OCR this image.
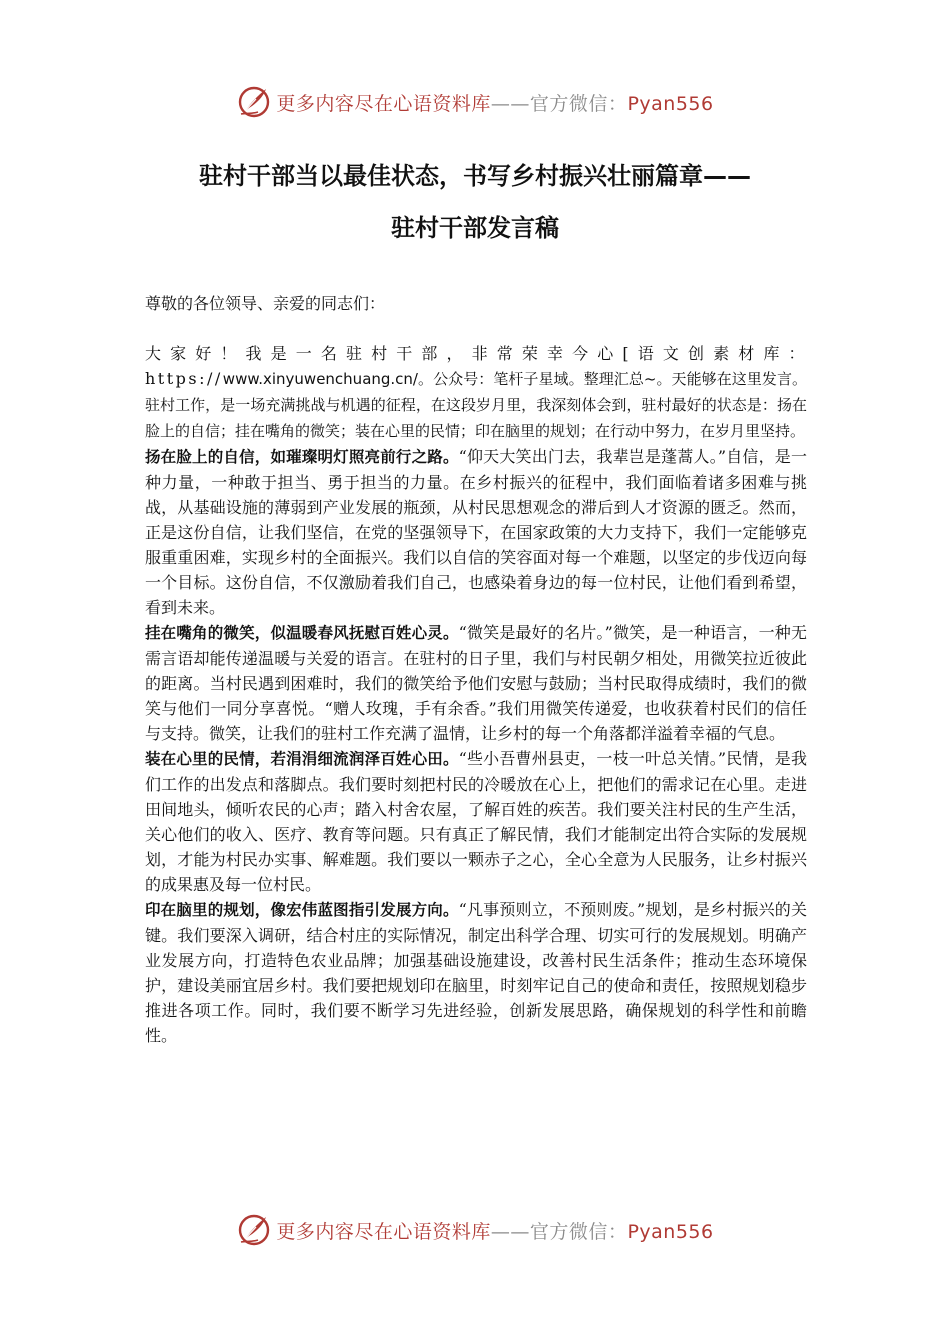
更多内容尽在心语资料库——官方微信：Pyan556
驻村干部当以最佳状态，书写乡村振兴壮丽篇章——
驻村干部发言稿

尊敬的各位领导、亲爱的同志们：

大家好！我是一名驻村干部，非常荣幸今心[语文创素材库：https://www.xinyuwenchuang.cn/。公众号：笔杆子星域。整理汇总~。天能够在这里发言。驻村工作，是一场充满挑战与机遇的征程，在这段岁月里，我深刻体会到，驻村最好的状态是：扬在脸上的自信；挂在嘴角的微笑；装在心里的民情；印在脑里的规划；在行动中努力，在岁月里坚持。

扬在脸上的自信，如璀璨明灯照亮前行之路。“仰天大笑出门去，我辈岂是蓬蒿人。”自信，是一种力量，一种敢于担当、勇于担当的力量。在乡村振兴的征程中，我们面临着诸多困难与挑战，从基础设施的薄弱到产业发展的瓶颈，从村民思想观念的滞后到人才资源的匮乏。然而，正是这份自信，让我们坚信，在党的坚强领导下，在国家政策的大力支持下，我们一定能够克服重重困难，实现乡村的全面振兴。我们以自信的笑容面对每一个难题，以坚定的步伐迈向每一个目标。这份自信，不仅激励着我们自己，也感染着身边的每一位村民，让他们看到希望，看到未来。

挂在嘴角的微笑，似温暖春风抚慰百姓心灵。“微笑是最好的名片。”微笑，是一种语言，一种无需言语却能传递温暖与关爱的语言。在驻村的日子里，我们与村民朝夕相处，用微笑拉近彼此的距离。当村民遇到困难时，我们的微笑给予他们安慰与鼓励；当村民取得成绩时，我们的微笑与他们一同分享喜悦。“赠人玫瑰，手有余香。”我们用微笑传递爱，也收获着村民们的信任与支持。微笑，让我们的驻村工作充满了温情，让乡村的每一个角落都洋溢着幸福的气息。

装在心里的民情，若涓涓细流润泽百姓心田。“些小吾曹州县吏，一枝一叶总关情。”民情，是我们工作的出发点和落脚点。我们要时刻把村民的冷暖放在心上，把他们的需求记在心里。走进田间地头，倾听农民的心声；踏入村舍农屋，了解百姓的疾苦。我们要关注村民的生产生活，关心他们的收入、医疗、教育等问题。只有真正了解民情，我们才能制定出符合实际的发展规划，才能为村民办实事、解难题。我们要以一颗赤子之心，全心全意为人民服务，让乡村振兴的成果惠及每一位村民。

印在脑里的规划，像宏伟蓝图指引发展方向。“凡事预则立，不预则废。”规划，是乡村振兴的关键。我们要深入调研，结合村庄的实际情况，制定出科学合理、切实可行的发展规划。明确产业发展方向，打造特色农业品牌；加强基础设施建设，改善村民生活条件；推动生态环境保护，建设美丽宜居乡村。我们要把规划印在脑里，时刻牢记自己的使命和责任，按照规划稳步推进各项工作。同时，我们要不断学习先进经验，创新发展思路，确保规划的科学性和前瞻性。

更多内容尽在心语资料库——官方微信：Pyan556
